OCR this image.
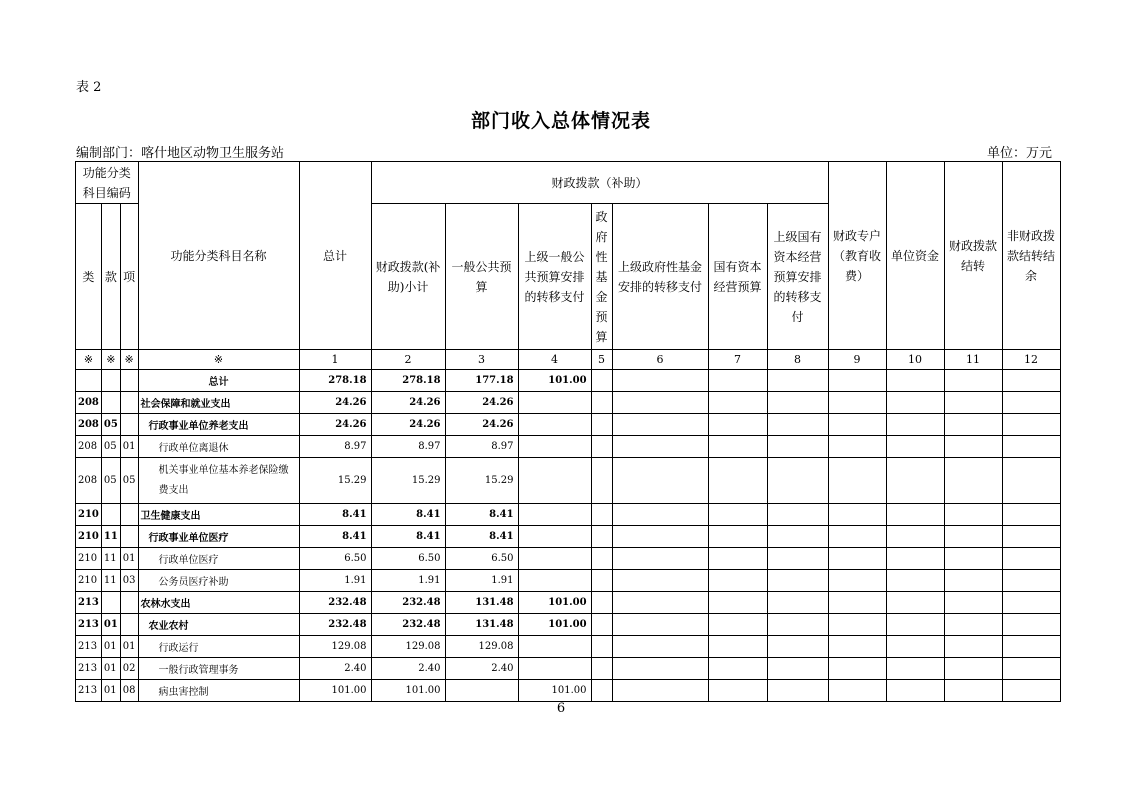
表 2
部门收入总体情况表
编制部门：喀什地区动物卫生服务站	单位：万元
功能分类科目编码			功能分类科目名称	总计	财政拨款（补助）							财政专户（教育收费）	单位资金	财政拨款结转	非财政拨款结转结余
类	款	项			财政拨款(补助)小计	一般公共预算	上级一般公共预算安排的转移支付	政府性基金预算	上级政府性基金安排的转移支付	国有资本经营预算	上级国有资本经营预算安排的转移支付				
※	※	※	※	1	2	3	4	5	6	7	8	9	10	11	12
			总计	278.18	278.18	177.18	101.00								
208			社会保障和就业支出	24.26	24.26	24.26									
208	05		行政事业单位养老支出	24.26	24.26	24.26									
208	05	01	行政单位离退休	8.97	8.97	8.97									
208	05	05	机关事业单位基本养老保险缴费支出	15.29	15.29	15.29									
210			卫生健康支出	8.41	8.41	8.41									
210	11		行政事业单位医疗	8.41	8.41	8.41									
210	11	01	行政单位医疗	6.50	6.50	6.50									
210	11	03	公务员医疗补助	1.91	1.91	1.91									
213			农林水支出	232.48	232.48	131.48	101.00								
213	01		农业农村	232.48	232.48	131.48	101.00								
213	01	01	行政运行	129.08	129.08	129.08									
213	01	02	一般行政管理事务	2.40	2.40	2.40									
213	01	08	病虫害控制	101.00	101.00		101.00								
6
